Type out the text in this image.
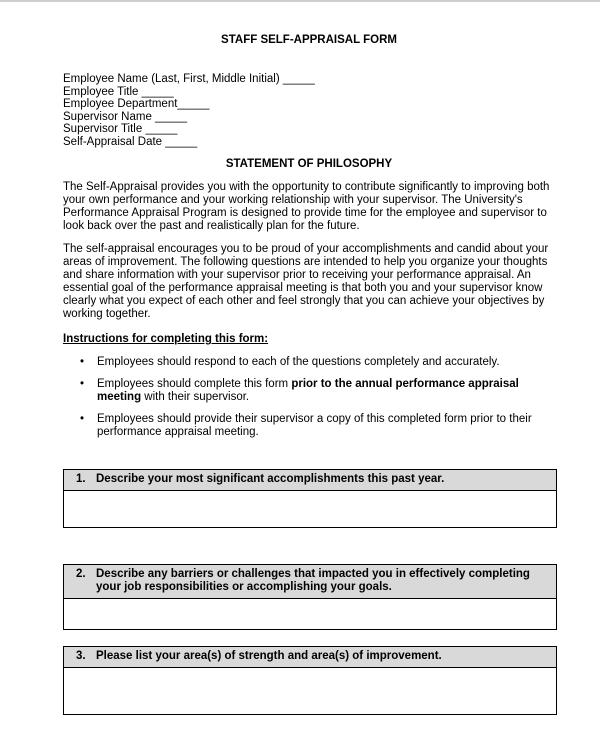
STAFF SELF-APPRAISAL FORM
Employee Name (Last, First, Middle Initial) _____
Employee Title _____
Employee Department_____
Supervisor Name _____
Supervisor Title _____
Self-Appraisal Date _____
STATEMENT OF PHILOSOPHY

The Self-Appraisal provides you with the opportunity to contribute significantly to improving both your own performance and your working relationship with your supervisor. The University's Performance Appraisal Program is designed to provide time for the employee and supervisor to look back over the past and realistically plan for the future.

The self-appraisal encourages you to be proud of your accomplishments and candid about your areas of improvement. The following questions are intended to help you organize your thoughts and share information with your supervisor prior to receiving your performance appraisal. An essential goal of the performance appraisal meeting is that both you and your supervisor know clearly what you expect of each other and feel strongly that you can achieve your objectives by working together.

Instructions for completing this form:
• Employees should respond to each of the questions completely and accurately.
• Employees should complete this form prior to the annual performance appraisal meeting with their supervisor.
• Employees should provide their supervisor a copy of this completed form prior to their performance appraisal meeting.
1. Describe your most significant accomplishments this past year.
2. Describe any barriers or challenges that impacted you in effectively completing your job responsibilities or accomplishing your goals.
3. Please list your area(s) of strength and area(s) of improvement.
